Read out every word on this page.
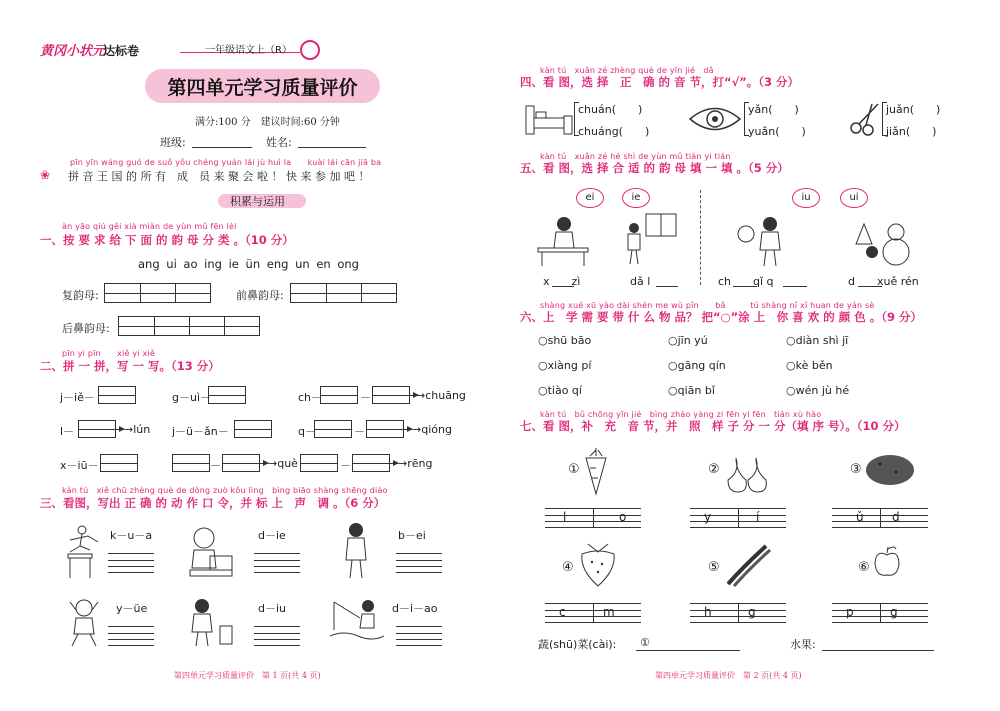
黄冈小状元
达标卷	一年级语文上（R）
第四单元学习质量评价
满分:100 分　建议时间:60 分钟
班级:	姓名:
pīn yīn wáng guó de suǒ yǒu chéng yuán lái jù huì la　　kuài lái cān jiā ba
❀ 拼 音 王 国 的 所 有　成　员 来 聚 会 啦 ！ 快 来 参 加 吧 ！
积累与运用
àn yāo qiú gěi xià miàn de yùn mǔ fēn lèi
一、按 要 求 给 下 面 的 韵 母 分 类 。（10 分）
ang ui ao ing ie ün eng un en ong
复韵母:	前鼻韵母:
后鼻韵母:
pīn yi pīn　　xiě yi xiě
二、拼 一 拼，写 一 写。（13 分）
j－iě－	g－uì－	ch－	－	→chuāng
l－	→lún j－ü－ǎn－	q－	－	→qióng
x－iū－	－	→què	－	→rēng
kàn tú　xiě chū zhèng què de dòng zuò kǒu lìng　bìng biāo shàng shēng diào
三、看图，写出 正 确 的 动 作 口 令，并 标 上　声　调 。（6 分）
k－u－a	d－ie	b－ei
y－üe	d－iu	d－i－ao
第四单元学习质量评价　第 1 页(共 4 页)
kàn tú　xuǎn zé zhèng què de yīn jié　dǎ
四、看 图，选 择　正　确 的 音 节，打“√”。（3 分）
chuán(　　)
chuáng(　　)
yǎn(　　)
yuǎn(　　)
juǎn(　　)
jiǎn(　　)
kàn tú　xuǎn zé hé shì de yùn mǔ tián yi tián
五、看 图，选 择 合 适 的 韵 母 填 一 填 。（5 分）
ei	ie	iu	ui
x　　zì	dǎ l　　	ch　　qǐ q　　	d　　xuě rén
shàng xué xū yào dài shén me wù pǐn　　bǎ　　　tú shàng nǐ xǐ huan de yán sè
六、上　学 需 要 带 什 么 物 品？ 把“○”涂 上　你 喜 欢 的 颜 色 。（9 分）
○shū bāo	○jīn yú	○diàn shì jī
○xiàng pí	○gāng qín	○kè běn
○tiào qí	○qiān bǐ	○wén jù hé
kàn tú　bǔ chōng yīn jié　bìng zhào yàng zi fēn yi fēn　tián xù hào
七、看 图，补　充　音 节，并　照　样 子 分 一 分（填 序 号）。（10 分）
①
l	o
②
y	í
③
ǔ d
④
c	m
⑤
h	g
⑥
p	g
蔬(shū)菜(cài): ①	水果:
第四单元学习质量评价　第 2 页(共 4 页)
